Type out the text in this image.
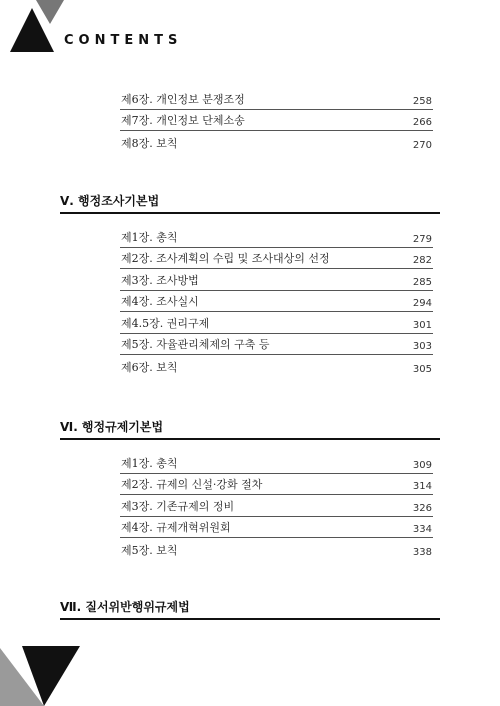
CONTENTS
제6장. 개인정보 분쟁조정	258
제7장. 개인정보 단체소송	266
제8장. 보칙	270
Ⅴ. 행정조사기본법
제1장. 총칙	279
제2장. 조사계획의 수립 및 조사대상의 선정	282
제3장. 조사방법	285
제4장. 조사실시	294
제4.5장. 권리구제	301
제5장. 자율관리체제의 구축 등	303
제6장. 보칙	305
Ⅵ. 행정규제기본법
제1장. 총칙	309
제2장. 규제의 신설·강화 절차	314
제3장. 기존규제의 정비	326
제4장. 규제개혁위원회	334
제5장. 보칙	338
Ⅶ. 질서위반행위규제법
